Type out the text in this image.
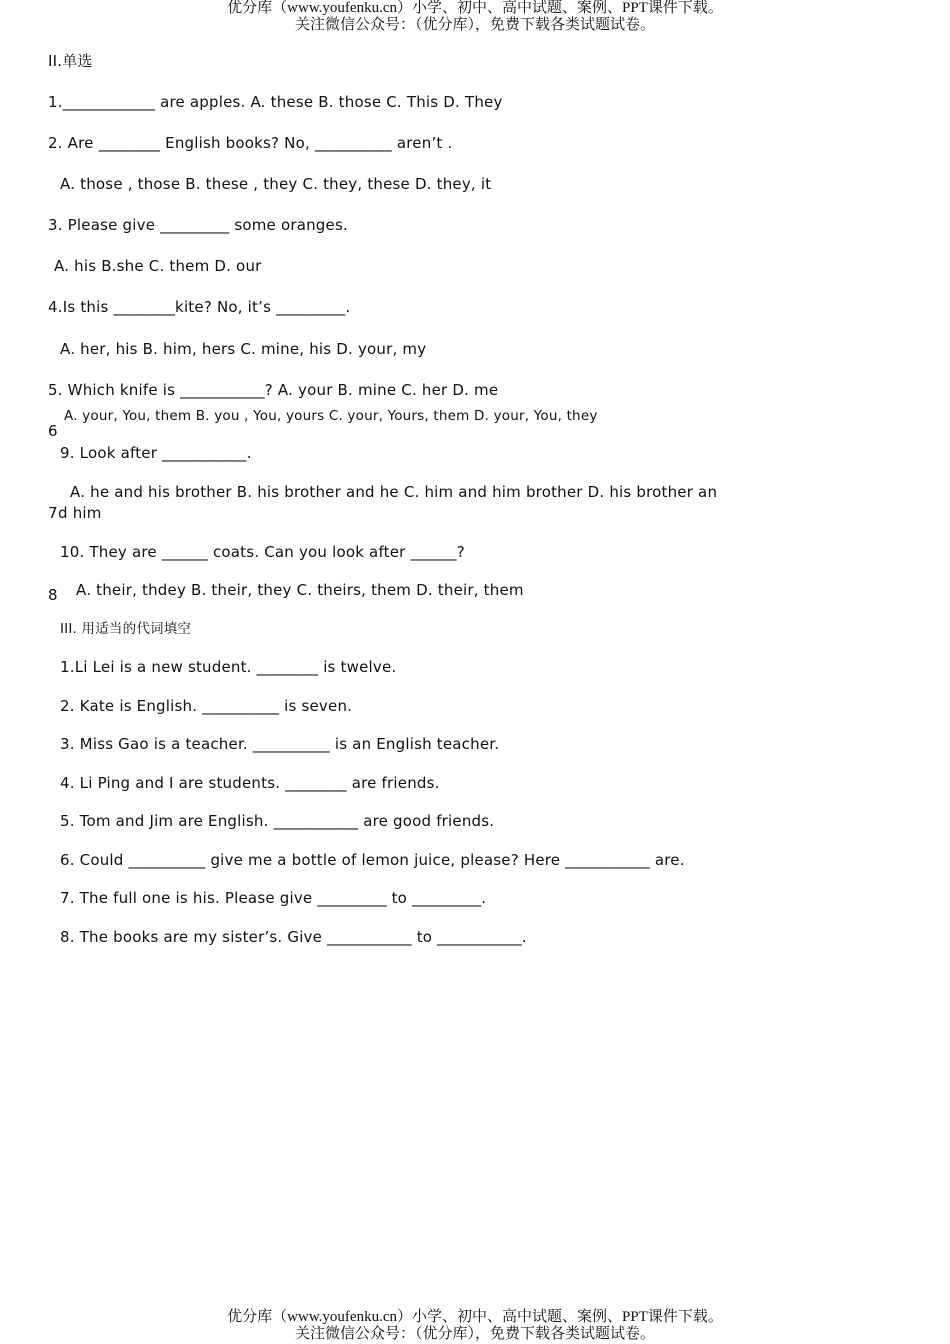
优分库（www.youfenku.cn）小学、初中、高中试题、案例、PPT课件下载。
关注微信公众号：（优分库），免费下载各类试题试卷。
II.单选
1.____________ are apples. A. these B. those C. This D. They
2. Are ________ English books? No, __________ aren’t .
A. those , those B. these , they C. they, these D. they, it
3. Please give _________ some oranges.
A. his B.she C. them D. our
4.Is this ________kite? No, it’s _________.
A. her, his B. him, hers C. mine, his D. your, my
5. Which knife is ___________? A. your B. mine C. her D. me
A. your, You, them B. you , You, yours C. your, Yours, them D. your, You, they
6
9. Look after ___________.
A. he and his brother B. his brother and he C. him and him brother D. his brother an
7 d him
10. They are ______ coats. Can you look after ______?
8 A. their, thdey B. their, they C. theirs, them D. their, them
III. 用适当的代词填空
1.Li Lei is a new student. ________ is twelve.
2. Kate is English. __________ is seven.
3. Miss Gao is a teacher. __________ is an English teacher.
4. Li Ping and I are students. ________ are friends.
5. Tom and Jim are English. ___________ are good friends.
6. Could __________ give me a bottle of lemon juice, please? Here ___________ are.
7. The full one is his. Please give _________ to _________.
8. The books are my sister’s. Give ___________ to ___________.
优分库（www.youfenku.cn）小学、初中、高中试题、案例、PPT课件下载。
关注微信公众号：（优分库），免费下载各类试题试卷。
